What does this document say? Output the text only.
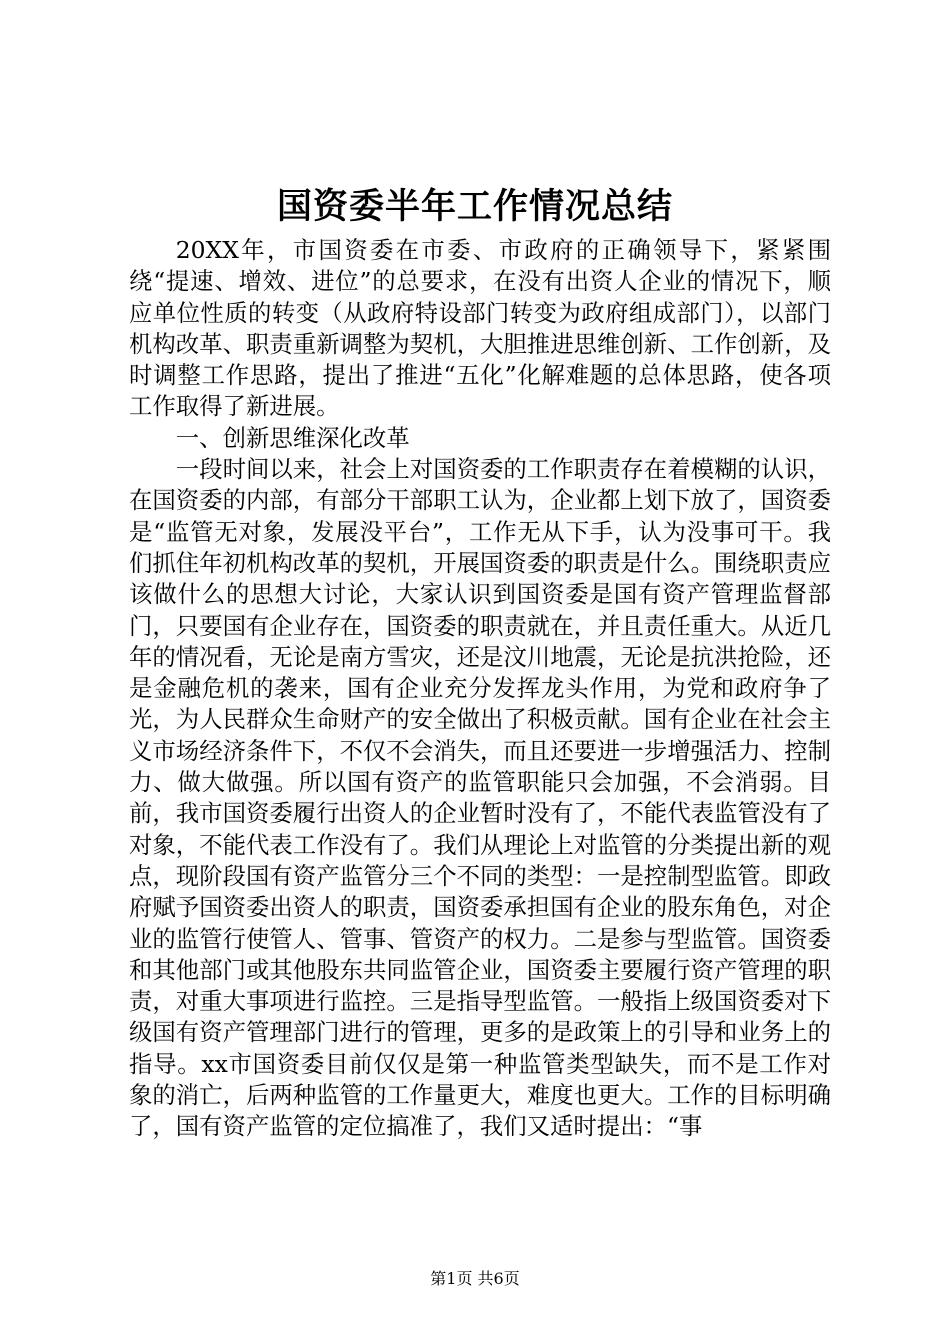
国资委半年工作情况总结

20XX年，市国资委在市委、市政府的正确领导下，紧紧围绕“提速、增效、进位”的总要求，在没有出资人企业的情况下，顺应单位性质的转变（从政府特设部门转变为政府组成部门），以部门机构改革、职责重新调整为契机，大胆推进思维创新、工作创新，及时调整工作思路，提出了推进“五化”化解难题的总体思路，使各项工作取得了新进展。

一、创新思维深化改革

一段时间以来，社会上对国资委的工作职责存在着模糊的认识，在国资委的内部，有部分干部职工认为，企业都上划下放了，国资委是“监管无对象，发展没平台”，工作无从下手，认为没事可干。我们抓住年初机构改革的契机，开展国资委的职责是什么。围绕职责应该做什么的思想大讨论，大家认识到国资委是国有资产管理监督部门，只要国有企业存在，国资委的职责就在，并且责任重大。从近几年的情况看，无论是南方雪灾，还是汶川地震，无论是抗洪抢险，还是金融危机的袭来，国有企业充分发挥龙头作用，为党和政府争了光，为人民群众生命财产的安全做出了积极贡献。国有企业在社会主义市场经济条件下，不仅不会消失，而且还要进一步增强活力、控制力、做大做强。所以国有资产的监管职能只会加强，不会消弱。目前，我市国资委履行出资人的企业暂时没有了，不能代表监管没有了对象，不能代表工作没有了。我们从理论上对监管的分类提出新的观点，现阶段国有资产监管分三个不同的类型：一是控制型监管。即政府赋予国资委出资人的职责，国资委承担国有企业的股东角色，对企业的监管行使管人、管事、管资产的权力。二是参与型监管。国资委和其他部门或其他股东共同监管企业，国资委主要履行资产管理的职责，对重大事项进行监控。三是指导型监管。一般指上级国资委对下级国有资产管理部门进行的管理，更多的是政策上的引导和业务上的指导。xx市国资委目前仅仅是第一种监管类型缺失，而不是工作对象的消亡，后两种监管的工作量更大，难度也更大。工作的目标明确了，国有资产监管的定位搞准了，我们又适时提出：“事

第1页 共6页
